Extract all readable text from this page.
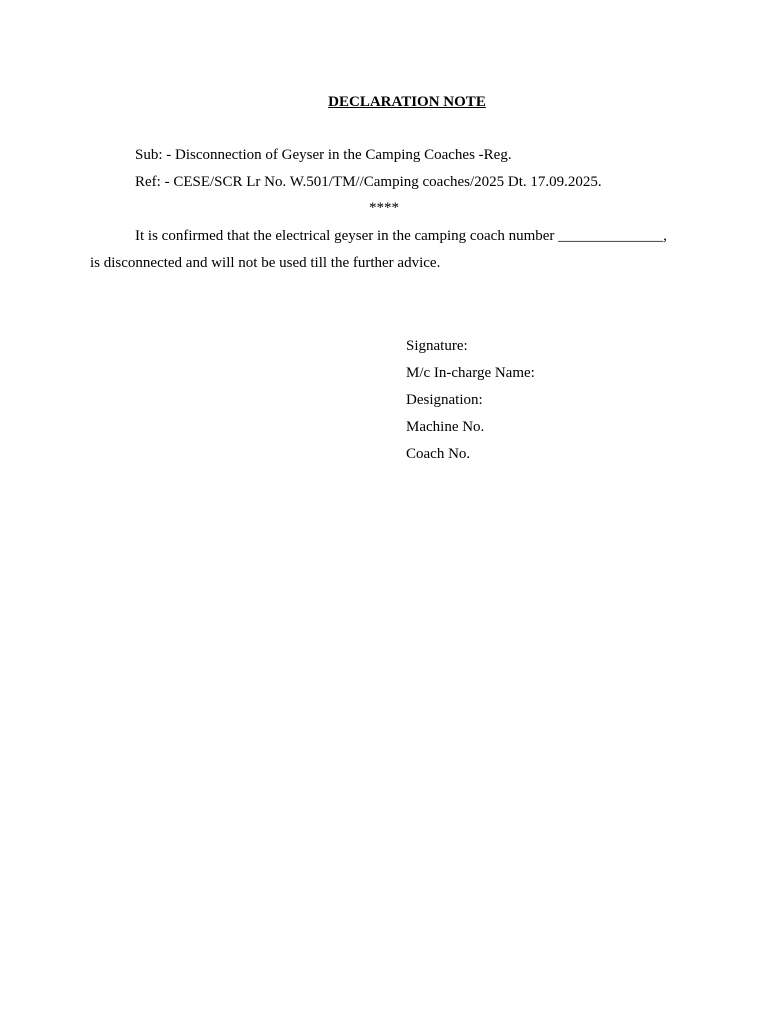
DECLARATION NOTE
Sub: - Disconnection of Geyser in the Camping Coaches -Reg.
Ref: - CESE/SCR Lr No. W.501/TM//Camping coaches/2025 Dt. 17.09.2025.
****
It is confirmed that the electrical geyser in the camping coach number ______________,
is disconnected and will not be used till the further advice.
Signature:
M/c In-charge Name:
Designation:
Machine No.
Coach No.
